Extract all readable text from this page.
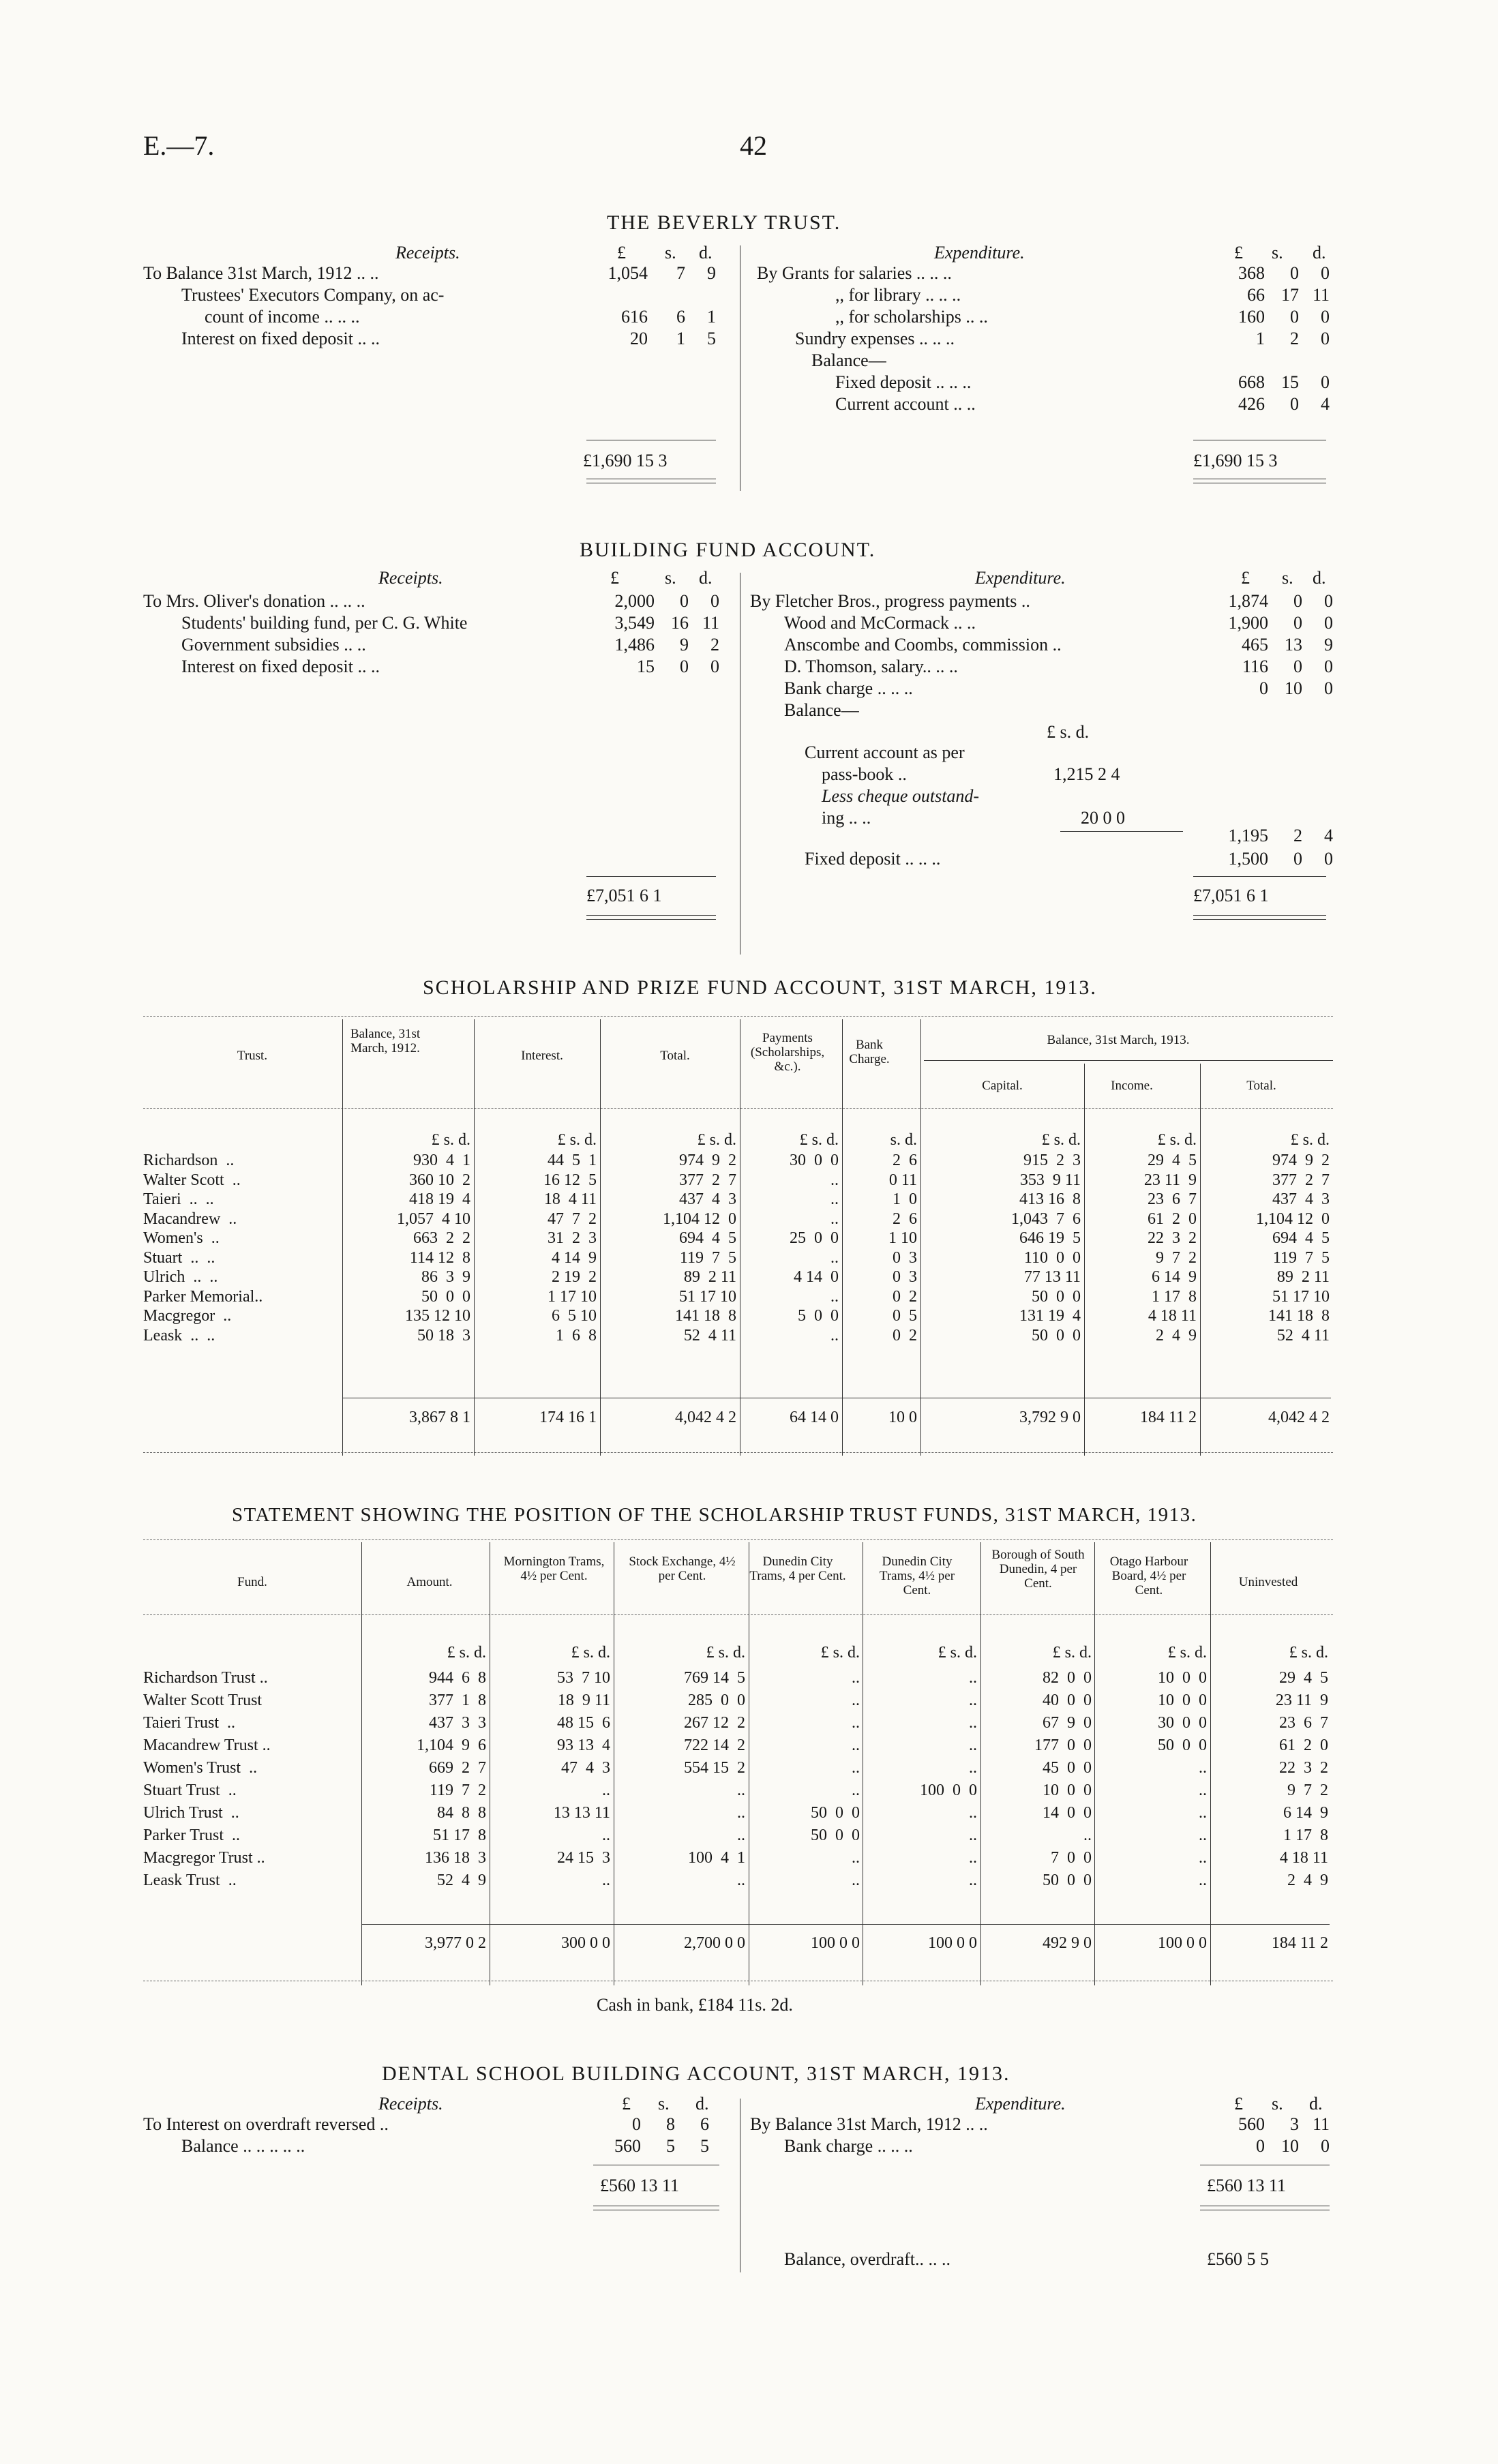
E.—7.	42
THE BEVERLY TRUST.
Receipts.	£ s. d.	Expenditure.	£ s. d.
To Balance 31st March, 1912 .. ..	1,054	7	9
Trustees' Executors Company, on ac-
count of income .. .. ..	616	6	1
Interest on fixed deposit .. ..	20	1	5
By Grants for salaries .. .. ..	368	0	0
,, for library .. .. ..	66 17 11
,, for scholarships .. ..	160	0	0
Sundry expenses .. .. ..	1	2	0
Balance—
Fixed deposit .. .. ..	668 15	0
Current account .. ..	426	0	4
£1,690 15 3	£1,690 15 3
BUILDING FUND ACCOUNT.
Receipts.	£	s. d.	Expenditure.	£ s. d.
To Mrs. Oliver's donation .. .. ..	2,000	0	0
Students' building fund, per C. G. White	3,549 16 11
Government subsidies .. ..	1,486	9	2
Interest on fixed deposit .. ..	15	0	0
By Fletcher Bros., progress payments ..	1,874	0	0
Wood and McCormack .. ..	1,900	0	0
Anscombe and Coombs, commission ..	465 13	9
D. Thomson, salary.. .. ..	116	0	0
Bank charge .. .. ..	0 10	0
Balance—
£ s. d.
Current account as per
pass-book ..	1,215 2 4
Less cheque outstand-
ing .. ..	20 0 0
1,195	2	4
Fixed deposit .. .. ..	1,500	0	0
£7,051 6 1	£7,051 6 1
SCHOLARSHIP AND PRIZE FUND ACCOUNT, 31ST MARCH, 1913.
Trust.
Balance, 31st March, 1912.
Interest.	Total.
Payments (Scholarships, &c.).
Bank Charge.
Balance, 31st March, 1913.
Capital.	Income.	Total.
£ s. d.	£ s. d.	£ s. d.	£ s. d.	s. d.	£ s. d.	£ s. d.	£ s. d.
Richardson  ..	930  4  1	44  5  1	974  9  2	30  0  0	2  6	915  2  3	29  4  5	974  9  2
Walter Scott  ..	360 10  2	16 12  5	377  2  7	..	0 11	353  9 11	23 11  9	377  2  7
Taieri  ..  ..	418 19  4	18  4 11	437  4  3	..	1  0	413 16  8	23  6  7	437  4  3
Macandrew  ..	1,057  4 10	47  7  2	1,104 12  0	..	2  6	1,043  7  6	61  2  0	1,104 12  0
Women's  ..	663  2  2	31  2  3	694  4  5	25  0  0	1 10	646 19  5	22  3  2	694  4  5
Stuart  ..  ..	114 12  8	4 14  9	119  7  5	..	0  3	110  0  0	9  7  2	119  7  5
Ulrich  ..  ..	86  3  9	2 19  2	89  2 11	4 14  0	0  3	77 13 11	6 14  9	89  2 11
Parker Memorial..	50  0  0	1 17 10	51 17 10	..	0  2	50  0  0	1 17  8	51 17 10
Macgregor  ..	135 12 10	6  5 10	141 18  8	5  0  0	0  5	131 19  4	4 18 11	141 18  8
Leask  ..  ..	50 18  3	1  6  8	52  4 11	..	0  2	50  0  0	2  4  9	52  4 11
3,867 8 1	174 16 1	4,042 4 2	64 14 0	10 0	3,792 9 0	184 11 2	4,042 4 2
STATEMENT SHOWING THE POSITION OF THE SCHOLARSHIP TRUST FUNDS, 31ST MARCH, 1913.
Fund.	Amount.
Mornington Trams, 4½ per Cent.
Stock Exchange, 4½ per Cent.
Dunedin City Trams, 4 per Cent.
Dunedin City Trams, 4½ per Cent.
Borough of South Dunedin, 4 per Cent.
Otago Harbour Board, 4½ per Cent.
Uninvested
£ s. d.	£ s. d.	£ s. d.	£ s. d.	£ s. d.	£ s. d.	£ s. d.	£ s. d.
Richardson Trust ..	944  6  8	53  7 10	769 14  5	..	..	82  0  0	10  0  0	29  4  5
Walter Scott Trust	377  1  8	18  9 11	285  0  0	..	..	40  0  0	10  0  0	23 11  9
Taieri Trust  ..	437  3  3	48 15  6	267 12  2	..	..	67  9  0	30  0  0	23  6  7
Macandrew Trust ..	1,104  9  6	93 13  4	722 14  2	..	..	177  0  0	50  0  0	61  2  0
Women's Trust  ..	669  2  7	47  4  3	554 15  2	..	..	45  0  0	..	22  3  2
Stuart Trust  ..	119  7  2	..	..	..	100  0  0	10  0  0	..	9  7  2
Ulrich Trust  ..	84  8  8	13 13 11	..	50  0  0	..	14  0  0	..	6 14  9
Parker Trust  ..	51 17  8	..	..	50  0  0	..	..	..	1 17  8
Macgregor Trust ..	136 18  3	24 15  3	100  4  1	..	..	7  0  0	..	4 18 11
Leask Trust  ..	52  4  9	..	..	..	..	50  0  0	..	2  4  9
3,977 0 2	300 0 0	2,700 0 0	100 0 0	100 0 0	492 9 0	100 0 0	184 11 2
Cash in bank, £184 11s. 2d.
DENTAL SCHOOL BUILDING ACCOUNT, 31ST MARCH, 1913.
Receipts.	£ s. d.	Expenditure.	£ s. d.
To Interest on overdraft reversed ..	0	8	6
Balance .. .. .. .. ..	560	5	5
By Balance 31st March, 1912 .. ..	560	3 11
Bank charge .. .. ..	0 10	0
£560 13 11	£560 13 11
Balance, overdraft.. .. ..	£560 5 5
